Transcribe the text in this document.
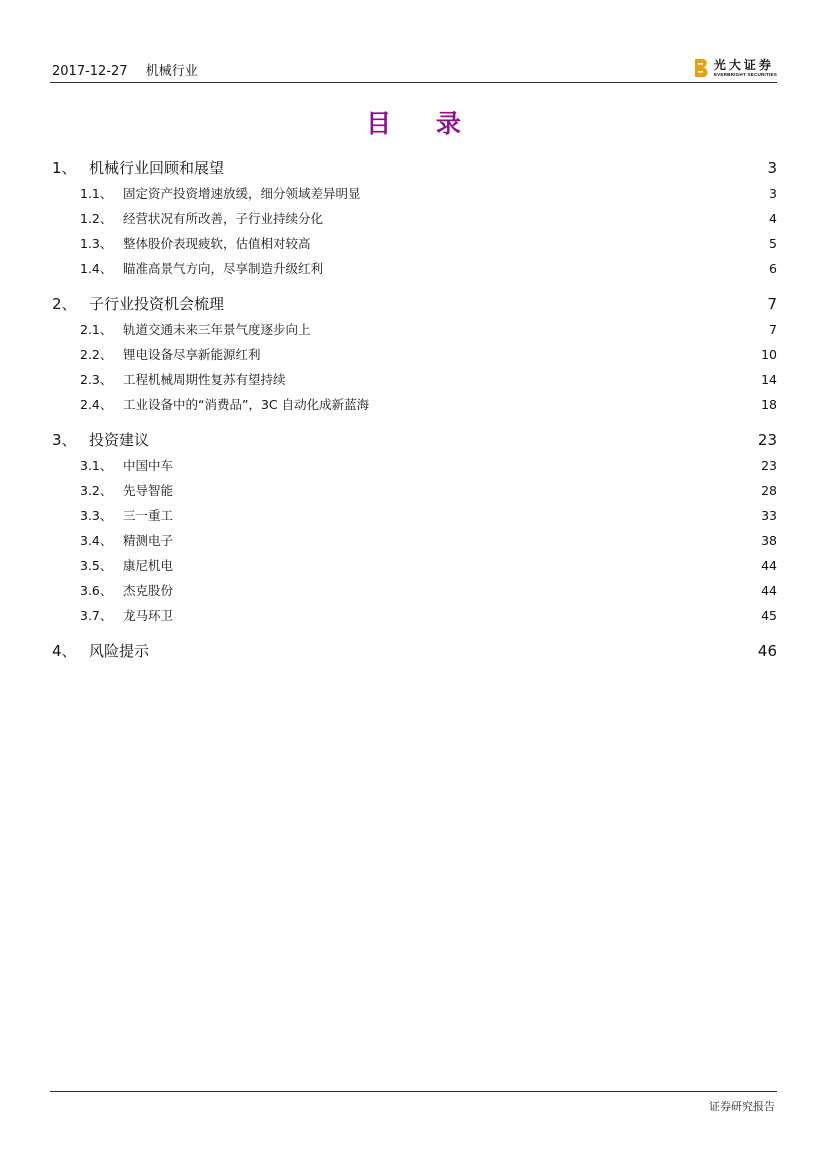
2017-12-27 机械行业	光大证券
EVERBRIGHT SECURITIES
目 录
1、 机械行业回顾和展望 .....	3
1.1、 固定资产投资增速放缓，细分领域差异明显 .....	3
1.2、 经营状况有所改善，子行业持续分化 .....	4
1.3、 整体股价表现疲软，估值相对较高 .....	5
1.4、 瞄准高景气方向，尽享制造升级红利 .....	6
2、 子行业投资机会梳理 .....	7
2.1、 轨道交通未来三年景气度逐步向上 .....	7
2.2、 锂电设备尽享新能源红利 .....	10
2.3、 工程机械周期性复苏有望持续 .....	14
2.4、 工业设备中的“消费品”，3C 自动化成新蓝海 .....	18
3、 投资建议 .....	23
3.1、 中国中车 .....	23
3.2、 先导智能 .....	28
3.3、 三一重工 .....	33
3.4、 精测电子 .....	38
3.5、 康尼机电 .....	44
3.6、 杰克股份 .....	44
3.7、 龙马环卫 .....	45
4、 风险提示 .....	46
证券研究报告
